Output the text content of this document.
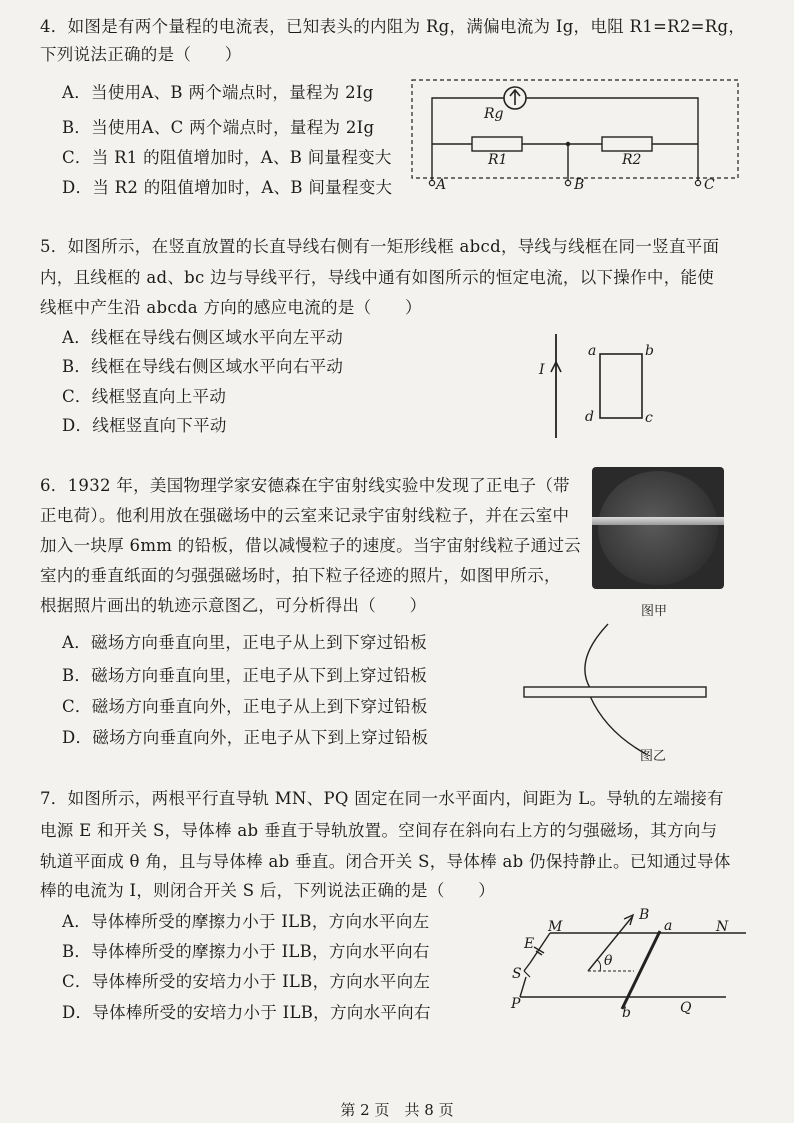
4．如图是有两个量程的电流表，已知表头的内阻为 Rg，满偏电流为 Ig，电阻 R1=R2=Rg，
下列说法正确的是（　　）
A．当使用A、B 两个端点时，量程为 2Ig
B．当使用A、C 两个端点时，量程为 2Ig
C．当 R1 的阻值增加时，A、B 间量程变大
D．当 R2 的阻值增加时，A、B 间量程变大
Rg
R1	R2
A	B	C
5．如图所示，在竖直放置的长直导线右侧有一矩形线框 abcd，导线与线框在同一竖直平面
内，且线框的 ad、bc 边与导线平行，导线中通有如图所示的恒定电流，以下操作中，能使
线框中产生沿 abcda 方向的感应电流的是（　　）
A．线框在导线右侧区域水平向左平动
B．线框在导线右侧区域水平向右平动
C．线框竖直向上平动
D．线框竖直向下平动
I
a	b
c
d
6．1932 年，美国物理学家安德森在宇宙射线实验中发现了正电子（带
正电荷）。他利用放在强磁场中的云室来记录宇宙射线粒子，并在云室中
加入一块厚 6mm 的铅板，借以减慢粒子的速度。当宇宙射线粒子通过云
室内的垂直纸面的匀强强磁场时，拍下粒子径迹的照片，如图甲所示，
根据照片画出的轨迹示意图乙，可分析得出（　　）
A．磁场方向垂直向里，正电子从上到下穿过铅板
B．磁场方向垂直向里，正电子从下到上穿过铅板
C．磁场方向垂直向外，正电子从上到下穿过铅板
D．磁场方向垂直向外，正电子从下到上穿过铅板
图甲
图乙
7．如图所示，两根平行直导轨 MN、PQ 固定在同一水平面内，间距为 L。导轨的左端接有
电源 E 和开关 S，导体棒 ab 垂直于导轨放置。空间存在斜向右上方的匀强磁场，其方向与
轨道平面成 θ 角，且与导体棒 ab 垂直。闭合开关 S，导体棒 ab 仍保持静止。已知通过导体
棒的电流为 I，则闭合开关 S 后，下列说法正确的是（　　）
A．导体棒所受的摩擦力小于 ILB，方向水平向左
B．导体棒所受的摩擦力小于 ILB，方向水平向右
C．导体棒所受的安培力小于 ILB，方向水平向左
D．导体棒所受的安培力小于 ILB，方向水平向右
M	N
P	Q
a
b
E
S
B
θ
第 2 页　共 8 页
